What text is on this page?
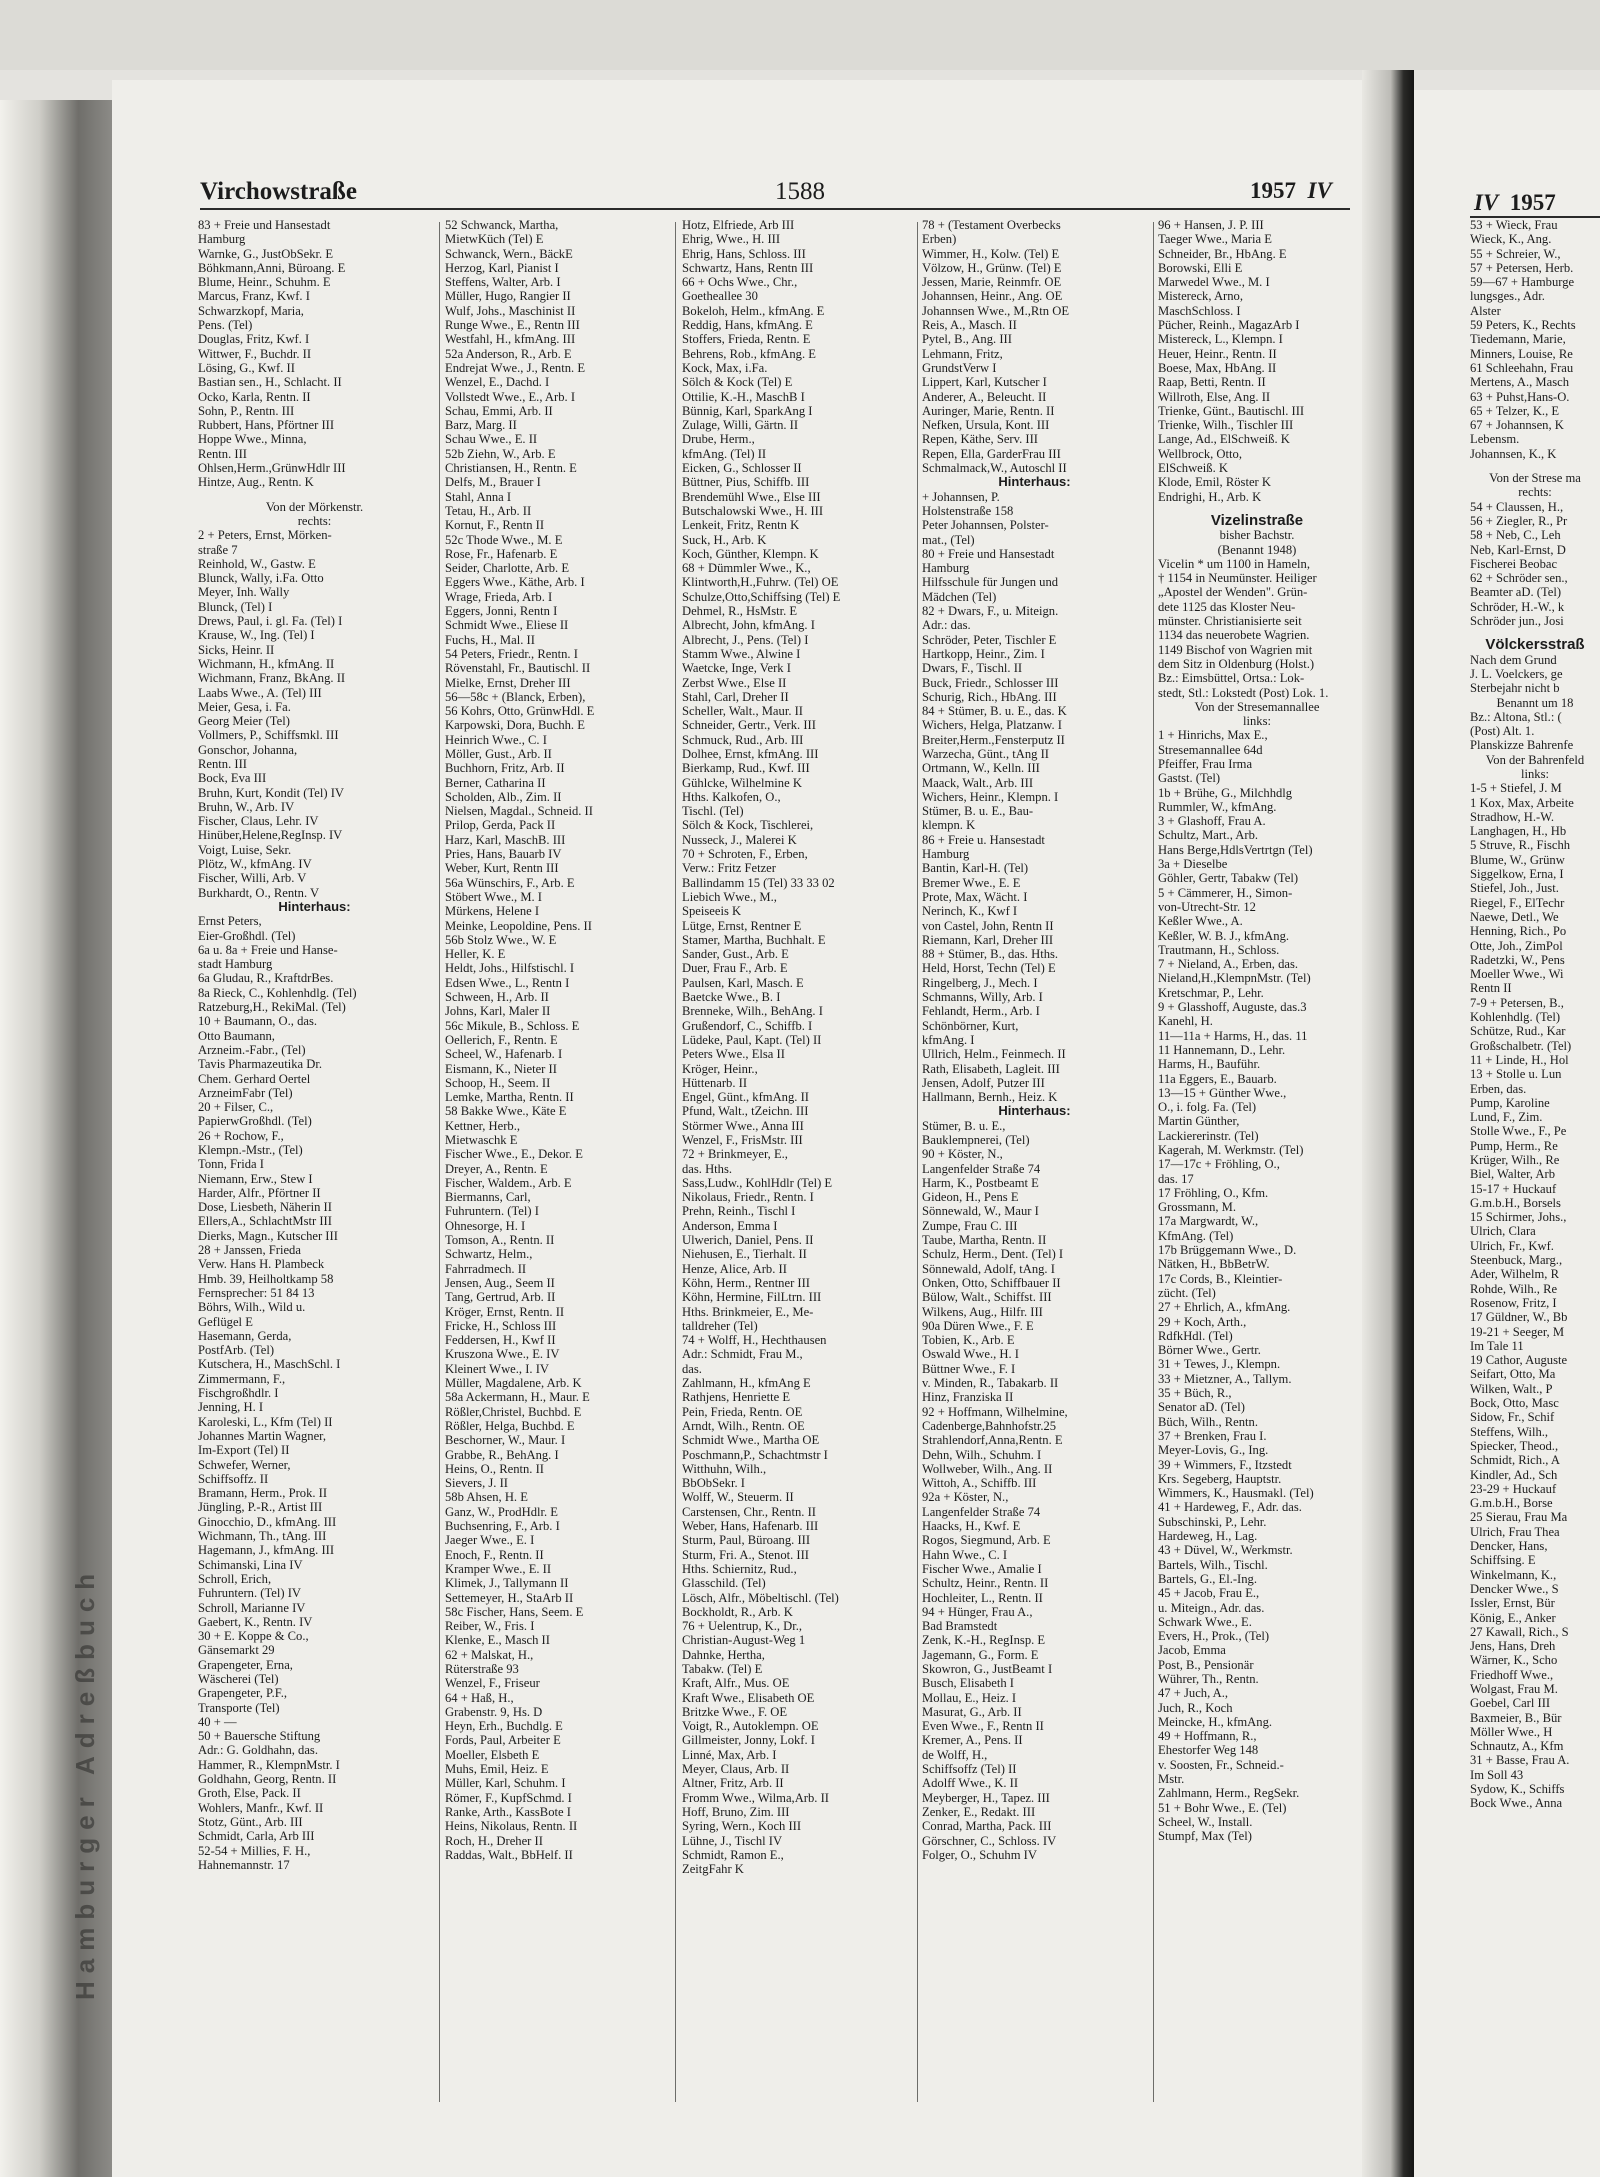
Hamburger Adreßbuch
Virchowstraße	1588	1957 IV	IV 1957
83 + Freie und Hansestadt
Hamburg
Warnke, G., JustObSekr. E
Böhkmann,Anni, Büroang. E
Blume, Heinr., Schuhm. E
Marcus, Franz, Kwf. I
Schwarzkopf, Maria,
Pens. (Tel)
Douglas, Fritz, Kwf. I
Wittwer, F., Buchdr. II
Lösing, G., Kwf. II
Bastian sen., H., Schlacht. II
Ocko, Karla, Rentn. II
Sohn, P., Rentn. III
Rubbert, Hans, Pförtner III
Hoppe Wwe., Minna,
Rentn. III
Ohlsen,Herm.,GrünwHdlr III
Hintze, Aug., Rentn. K
Von der Mörkenstr.
rechts:
2 + Peters, Ernst, Mörken-
straße 7
Reinhold, W., Gastw. E
Blunck, Wally, i.Fa. Otto
Meyer, Inh. Wally
Blunck, (Tel) I
Drews, Paul, i. gl. Fa. (Tel) I
Krause, W., Ing. (Tel) I
Sicks, Heinr. II
Wichmann, H., kfmAng. II
Wichmann, Franz, BkAng. II
Laabs Wwe., A. (Tel) III
Meier, Gesa, i. Fa.
Georg Meier (Tel)
Vollmers, P., Schiffsmkl. III
Gonschor, Johanna,
Rentn. III
Bock, Eva III
Bruhn, Kurt, Kondit (Tel) IV
Bruhn, W., Arb. IV
Fischer, Claus, Lehr. IV
Hinüber,Helene,RegInsp. IV
Voigt, Luise, Sekr.
Plötz, W., kfmAng. IV
Fischer, Willi, Arb. V
Burkhardt, O., Rentn. V
Hinterhaus:
Ernst Peters,
Eier-Großhdl. (Tel)
6a u. 8a + Freie und Hanse-
stadt Hamburg
6a Gludau, R., KraftdrBes.
8a Rieck, C., Kohlenhdlg. (Tel)
Ratzeburg,H., RekiMal. (Tel)
10 + Baumann, O., das.
Otto Baumann,
Arzneim.-Fabr., (Tel)
Tavis Pharmazeutika Dr.
Chem. Gerhard Oertel
ArzneimFabr (Tel)
20 + Filser, C.,
PapierwGroßhdl. (Tel)
26 + Rochow, F.,
Klempn.-Mstr., (Tel)
Tonn, Frida I
Niemann, Erw., Stew I
Harder, Alfr., Pförtner II
Dose, Liesbeth, Näherin II
Ellers,A., SchlachtMstr III
Dierks, Magn., Kutscher III
28 + Janssen, Frieda
Verw. Hans H. Plambeck
Hmb. 39, Heilholtkamp 58
Fernsprecher: 51 84 13
Böhrs, Wilh., Wild u.
Geflügel E
Hasemann, Gerda,
PostfArb. (Tel)
Kutschera, H., MaschSchl. I
Zimmermann, F.,
Fischgroßhdlr. I
Jenning, H. I
Karoleski, L., Kfm (Tel) II
Johannes Martin Wagner,
Im-Export (Tel) II
Schwefer, Werner,
Schiffsoffz. II
Bramann, Herm., Prok. II
Jüngling, P.-R., Artist III
Ginocchio, D., kfmAng. III
Wichmann, Th., tAng. III
Hagemann, J., kfmAng. III
Schimanski, Lina IV
Schroll, Erich,
Fuhruntern. (Tel) IV
Schroll, Marianne IV
Gaebert, K., Rentn. IV
30 + E. Koppe & Co.,
Gänsemarkt 29
Grapengeter, Erna,
Wäscherei (Tel)
Grapengeter, P.F.,
Transporte (Tel)
40 + —
50 + Bauersche Stiftung
Adr.: G. Goldhahn, das.
Hammer, R., KlempnMstr. I
Goldhahn, Georg, Rentn. II
Groth, Else, Pack. II
Wohlers, Manfr., Kwf. II
Stotz, Günt., Arb. III
Schmidt, Carla, Arb III
52-54 + Millies, F. H.,
Hahnemannstr. 17
52 Schwanck, Martha,
MietwKüch (Tel) E
Schwanck, Wern., BäckE
Herzog, Karl, Pianist I
Steffens, Walter, Arb. I
Müller, Hugo, Rangier II
Wulf, Johs., Maschinist II
Runge Wwe., E., Rentn III
Westfahl, H., kfmAng. III
52a Anderson, R., Arb. E
Endrejat Wwe., J., Rentn. E
Wenzel, E., Dachd. I
Vollstedt Wwe., E., Arb. I
Schau, Emmi, Arb. II
Barz, Marg. II
Schau Wwe., E. II
52b Ziehn, W., Arb. E
Christiansen, H., Rentn. E
Delfs, M., Brauer I
Stahl, Anna I
Tetau, H., Arb. II
Kornut, F., Rentn II
52c Thode Wwe., M. E
Rose, Fr., Hafenarb. E
Seider, Charlotte, Arb. E
Eggers Wwe., Käthe, Arb. I
Wrage, Frieda, Arb. I
Eggers, Jonni, Rentn I
Schmidt Wwe., Eliese II
Fuchs, H., Mal. II
54 Peters, Friedr., Rentn. I
Rövenstahl, Fr., Bautischl. II
Mielke, Ernst, Dreher III
56—58c + (Blanck, Erben),
56 Kohrs, Otto, GrünwHdl. E
Karpowski, Dora, Buchh. E
Heinrich Wwe., C. I
Möller, Gust., Arb. II
Buchhorn, Fritz, Arb. II
Berner, Catharina II
Scholden, Alb., Zim. II
Nielsen, Magdal., Schneid. II
Prilop, Gerda, Pack II
Harz, Karl, MaschB. III
Pries, Hans, Bauarb IV
Weber, Kurt, Rentn III
56a Wünschirs, F., Arb. E
Stöbert Wwe., M. I
Mürkens, Helene I
Meinke, Leopoldine, Pens. II
56b Stolz Wwe., W. E
Heller, K. E
Heldt, Johs., Hilfstischl. I
Edsen Wwe., L., Rentn I
Schween, H., Arb. II
Johns, Karl, Maler II
56c Mikule, B., Schloss. E
Oellerich, F., Rentn. E
Scheel, W., Hafenarb. I
Eismann, K., Nieter II
Schoop, H., Seem. II
Lemke, Martha, Rentn. II
58 Bakke Wwe., Käte E
Kettner, Herb.,
Mietwaschk E
Fischer Wwe., E., Dekor. E
Dreyer, A., Rentn. E
Fischer, Waldem., Arb. E
Biermanns, Carl,
Fuhruntern. (Tel) I
Ohnesorge, H. I
Tomson, A., Rentn. II
Schwartz, Helm.,
Fahrradmech. II
Jensen, Aug., Seem II
Tang, Gertrud, Arb. II
Kröger, Ernst, Rentn. II
Fricke, H., Schloss III
Feddersen, H., Kwf II
Kruszona Wwe., E. IV
Kleinert Wwe., I. IV
Müller, Magdalene, Arb. K
58a Ackermann, H., Maur. E
Rößler,Christel, Buchbd. E
Rößler, Helga, Buchbd. E
Beschorner, W., Maur. I
Grabbe, R., BehAng. I
Heins, O., Rentn. II
Sievers, J. II
58b Ahsen, H. E
Ganz, W., ProdHdlr. E
Buchsenring, F., Arb. I
Jaeger Wwe., E. I
Enoch, F., Rentn. II
Kramper Wwe., E. II
Klimek, J., Tallymann II
Settemeyer, H., StaArb II
58c Fischer, Hans, Seem. E
Reiber, W., Fris. I
Klenke, E., Masch II
62 + Malskat, H.,
Rüterstraße 93
Wenzel, F., Friseur
64 + Haß, H.,
Grabenstr. 9, Hs. D
Heyn, Erh., Buchdlg. E
Fords, Paul, Arbeiter E
Moeller, Elsbeth E
Muhs, Emil, Heiz. E
Müller, Karl, Schuhm. I
Römer, F., KupfSchmd. I
Ranke, Arth., KassBote I
Heins, Nikolaus, Rentn. II
Roch, H., Dreher II
Raddas, Walt., BbHelf. II
Hotz, Elfriede, Arb III
Ehrig, Wwe., H. III
Ehrig, Hans, Schloss. III
Schwartz, Hans, Rentn III
66 + Ochs Wwe., Chr.,
Goetheallee 30
Bokeloh, Helm., kfmAng. E
Reddig, Hans, kfmAng. E
Stoffers, Frieda, Rentn. E
Behrens, Rob., kfmAng. E
Kock, Max, i.Fa.
Sölch & Kock (Tel) E
Ottilie, K.-H., MaschB I
Bünnig, Karl, SparkAng I
Zulage, Willi, Gärtn. II
Drube, Herm.,
kfmAng. (Tel) II
Eicken, G., Schlosser II
Büttner, Pius, Schiffb. III
Brendemühl Wwe., Else III
Butschalowski Wwe., H. III
Lenkeit, Fritz, Rentn K
Suck, H., Arb. K
Koch, Günther, Klempn. K
68 + Dümmler Wwe., K.,
Klintworth,H.,Fuhrw. (Tel) OE
Schulze,Otto,Schiffsing (Tel) E
Dehmel, R., HsMstr. E
Albrecht, John, kfmAng. I
Albrecht, J., Pens. (Tel) I
Stamm Wwe., Alwine I
Waetcke, Inge, Verk I
Zerbst Wwe., Else II
Stahl, Carl, Dreher II
Scheller, Walt., Maur. II
Schneider, Gertr., Verk. III
Schmuck, Rud., Arb. III
Dolhee, Ernst, kfmAng. III
Bierkamp, Rud., Kwf. III
Gühlcke, Wilhelmine K
Hths. Kalkofen, O.,
Tischl. (Tel)
Sölch & Kock, Tischlerei,
Nusseck, J., Malerei K
70 + Schroten, F., Erben,
Verw.: Fritz Fetzer
Ballindamm 15 (Tel) 33 33 02
Liebich Wwe., M.,
Speiseeis K
Lütge, Ernst, Rentner E
Stamer, Martha, Buchhalt. E
Sander, Gust., Arb. E
Duer, Frau F., Arb. E
Paulsen, Karl, Masch. E
Baetcke Wwe., B. I
Brenneke, Wilh., BehAng. I
Grußendorf, C., Schiffb. I
Lüdeke, Paul, Kapt. (Tel) II
Peters Wwe., Elsa II
Kröger, Heinr.,
Hüttenarb. II
Engel, Günt., kfmAng. II
Pfund, Walt., tZeichn. III
Störmer Wwe., Anna III
Wenzel, F., FrisMstr. III
72 + Brinkmeyer, E.,
das. Hths.
Sass,Ludw., KohlHdlr (Tel) E
Nikolaus, Friedr., Rentn. I
Prehn, Reinh., Tischl I
Anderson, Emma I
Ulwerich, Daniel, Pens. II
Niehusen, E., Tierhalt. II
Henze, Alice, Arb. II
Köhn, Herm., Rentner III
Köhn, Hermine, FilLtrn. III
Hths. Brinkmeier, E., Me-
talldreher (Tel)
74 + Wolff, H., Hechthausen
Adr.: Schmidt, Frau M.,
das.
Zahlmann, H., kfmAng E
Rathjens, Henriette E
Pein, Frieda, Rentn. OE
Arndt, Wilh., Rentn. OE
Schmidt Wwe., Martha OE
Poschmann,P., Schachtmstr I
Witthuhn, Wilh.,
BbObSekr. I
Wolff, W., Steuerm. II
Carstensen, Chr., Rentn. II
Weber, Hans, Hafenarb. III
Sturm, Paul, Büroang. III
Sturm, Fri. A., Stenot. III
Hths. Schiernitz, Rud.,
Glasschild. (Tel)
Lösch, Alfr., Möbeltischl. (Tel)
Bockholdt, R., Arb. K
76 + Uelentrup, K., Dr.,
Christian-August-Weg 1
Dahnke, Hertha,
Tabakw. (Tel) E
Kraft, Alfr., Mus. OE
Kraft Wwe., Elisabeth OE
Britzke Wwe., F. OE
Voigt, R., Autoklempn. OE
Gillmeister, Jonny, Lokf. I
Linné, Max, Arb. I
Meyer, Claus, Arb. II
Altner, Fritz, Arb. II
Fromm Wwe., Wilma,Arb. II
Hoff, Bruno, Zim. III
Syring, Wern., Koch III
Lühne, J., Tischl IV
Schmidt, Ramon E.,
ZeitgFahr K
78 + (Testament Overbecks
Erben)
Wimmer, H., Kolw. (Tel) E
Völzow, H., Grünw. (Tel) E
Jessen, Marie, Reinmfr. OE
Johannsen, Heinr., Ang. OE
Johannsen Wwe., M.,Rtn OE
Reis, A., Masch. II
Pytel, B., Ang. III
Lehmann, Fritz,
GrundstVerw I
Lippert, Karl, Kutscher I
Anderer, A., Beleucht. II
Auringer, Marie, Rentn. II
Nefken, Ursula, Kont. III
Repen, Käthe, Serv. III
Repen, Ella, GarderFrau III
Schmalmack,W., Autoschl II
Hinterhaus:
+ Johannsen, P.
Holstenstraße 158
Peter Johannsen, Polster-
mat., (Tel)
80 + Freie und Hansestadt
Hamburg
Hilfsschule für Jungen und
Mädchen (Tel)
82 + Dwars, F., u. Miteign.
Adr.: das.
Schröder, Peter, Tischler E
Hartkopp, Heinr., Zim. I
Dwars, F., Tischl. II
Buck, Friedr., Schlosser III
Schurig, Rich., HbAng. III
84 + Stümer, B. u. E., das. K
Wichers, Helga, Platzanw. I
Breiter,Herm.,Fensterputz II
Warzecha, Günt., tAng II
Ortmann, W., Kelln. III
Maack, Walt., Arb. III
Wichers, Heinr., Klempn. I
Stümer, B. u. E., Bau-
klempn. K
86 + Freie u. Hansestadt
Hamburg
Bantin, Karl-H. (Tel)
Bremer Wwe., E. E
Prote, Max, Wächt. I
Nerinch, K., Kwf I
von Castel, John, Rentn II
Riemann, Karl, Dreher III
88 + Stümer, B., das. Hths.
Held, Horst, Techn (Tel) E
Ringelberg, J., Mech. I
Schmanns, Willy, Arb. I
Fehlandt, Herm., Arb. I
Schönbörner, Kurt,
kfmAng. I
Ullrich, Helm., Feinmech. II
Rath, Elisabeth, Lagleit. III
Jensen, Adolf, Putzer III
Hallmann, Bernh., Heiz. K
Hinterhaus:
Stümer, B. u. E.,
Bauklempnerei, (Tel)
90 + Köster, N.,
Langenfelder Straße 74
Harm, K., Postbeamt E
Gideon, H., Pens E
Sönnewald, W., Maur I
Zumpe, Frau C. III
Taube, Martha, Rentn. II
Schulz, Herm., Dent. (Tel) I
Sönnewald, Adolf, tAng. I
Onken, Otto, Schiffbauer II
Bülow, Walt., Schiffst. III
Wilkens, Aug., Hilfr. III
90a Düren Wwe., F. E
Tobien, K., Arb. E
Oswald Wwe., H. I
Büttner Wwe., F. I
v. Minden, R., Tabakarb. II
Hinz, Franziska II
92 + Hoffmann, Wilhelmine,
Cadenberge,Bahnhofstr.25
Strahlendorf,Anna,Rentn. E
Dehn, Wilh., Schuhm. I
Wollweber, Wilh., Ang. II
Wittoh, A., Schiffb. III
92a + Köster, N.,
Langenfelder Straße 74
Haacks, H., Kwf. E
Rogos, Siegmund, Arb. E
Hahn Wwe., C. I
Fischer Wwe., Amalie I
Schultz, Heinr., Rentn. II
Hochleiter, L., Rentn. II
94 + Hünger, Frau A.,
Bad Bramstedt
Zenk, K.-H., RegInsp. E
Jagemann, G., Form. E
Skowron, G., JustBeamt I
Busch, Elisabeth I
Mollau, E., Heiz. I
Masurat, G., Arb. II
Even Wwe., F., Rentn II
Kremer, A., Pens. II
de Wolff, H.,
Schiffsoffz (Tel) II
Adolff Wwe., K. II
Meyberger, H., Tapez. III
Zenker, E., Redakt. III
Conrad, Martha, Pack. III
Görschner, C., Schloss. IV
Folger, O., Schuhm IV
96 + Hansen, J. P. III
Taeger Wwe., Maria E
Schneider, Br., HbAng. E
Borowski, Elli E
Marwedel Wwe., M. I
Mistereck, Arno,
MaschSchloss. I
Pücher, Reinh., MagazArb I
Mistereck, L., Klempn. I
Heuer, Heinr., Rentn. II
Boese, Max, HbAng. II
Raap, Betti, Rentn. II
Willroth, Else, Ang. II
Trienke, Günt., Bautischl. III
Trienke, Wilh., Tischler III
Lange, Ad., ElSchweiß. K
Wellbrock, Otto,
ElSchweiß. K
Klode, Emil, Röster K
Endrighi, H., Arb. K
Vizelinstraße
bisher Bachstr.
(Benannt 1948)
Vicelin * um 1100 in Hameln,
† 1154 in Neumünster. Heiliger
„Apostel der Wenden". Grün-
dete 1125 das Kloster Neu-
münster. Christianisierte seit
1134 das neuerobete Wagrien.
1149 Bischof von Wagrien mit
dem Sitz in Oldenburg (Holst.)
Bz.: Eimsbüttel, Ortsa.: Lok-
stedt, Stl.: Lokstedt (Post) Lok. 1.
Von der Stresemannallee
links:
1 + Hinrichs, Max E.,
Stresemannallee 64d
Pfeiffer, Frau Irma
Gastst. (Tel)
1b + Brühe, G., Milchhdlg
Rummler, W., kfmAng.
3 + Glashoff, Frau A.
Schultz, Mart., Arb.
Hans Berge,HdlsVertrtgn (Tel)
3a + Dieselbe
Göhler, Gertr, Tabakw (Tel)
5 + Cämmerer, H., Simon-
von-Utrecht-Str. 12
Keßler Wwe., A.
Keßler, W. B. J., kfmAng.
Trautmann, H., Schloss.
7 + Nieland, A., Erben, das.
Nieland,H.,KlempnMstr. (Tel)
Kretschmar, P., Lehr.
9 + Glasshoff, Auguste, das.3
Kanehl, H.
11—11a + Harms, H., das. 11
11 Hannemann, D., Lehr.
Harms, H., Bauführ.
11a Eggers, E., Bauarb.
13—15 + Günther Wwe.,
O., i. folg. Fa. (Tel)
Martin Günther,
Lackiererinstr. (Tel)
Kagerah, M. Werkmstr. (Tel)
17—17c + Fröhling, O.,
das. 17
17 Fröhling, O., Kfm.
Grossmann, M.
17a Margwardt, W.,
KfmAng. (Tel)
17b Brüggemann Wwe., D.
Nätken, H., BbBetrW.
17c Cords, B., Kleintier-
zücht. (Tel)
27 + Ehrlich, A., kfmAng.
29 + Koch, Arth.,
RdfkHdl. (Tel)
Börner Wwe., Gertr.
31 + Tewes, J., Klempn.
33 + Mietzner, A., Tallym.
35 + Büch, R.,
Senator aD. (Tel)
Büch, Wilh., Rentn.
37 + Brenken, Frau I.
Meyer-Lovis, G., Ing.
39 + Wimmers, F., Itzstedt
Krs. Segeberg, Hauptstr.
Wimmers, K., Hausmakl. (Tel)
41 + Hardeweg, F., Adr. das.
Subschinski, P., Lehr.
Hardeweg, H., Lag.
43 + Düvel, W., Werkmstr.
Bartels, Wilh., Tischl.
Bartels, G., El.-Ing.
45 + Jacob, Frau E.,
u. Miteign., Adr. das.
Schwark Wwe., E.
Evers, H., Prok., (Tel)
Jacob, Emma
Post, B., Pensionär
Wührer, Th., Rentn.
47 + Juch, A.,
Juch, R., Koch
Meincke, H., kfmAng.
49 + Hoffmann, R.,
Ehestorfer Weg 148
v. Soosten, Fr., Schneid.-
Mstr.
Zahlmann, Herm., RegSekr.
51 + Bohr Wwe., E. (Tel)
Scheel, W., Install.
Stumpf, Max (Tel)
53 + Wieck, Frau
Wieck, K., Ang.
55 + Schreier, W.,
57 + Petersen, Herb.
59—67 + Hamburge
lungsges., Adr.
Alster
59 Peters, K., Rechts
Tiedemann, Marie,
Minners, Louise, Re
61 Schleehahn, Frau
Mertens, A., Masch
63 + Puhst,Hans-O.
65 + Telzer, K., E
67 + Johannsen, K
Lebensm.
Johannsen, K., K
Von der Strese ma
rechts:
54 + Claussen, H.,
56 + Ziegler, R., Pr
58 + Neb, C., Leh
Neb, Karl-Ernst, D
Fischerei Beobac
62 + Schröder sen.,
Beamter aD. (Tel)
Schröder, H.-W., k
Schröder jun., Josi
Völckersstraß
Nach dem Grund
J. L. Voelckers, ge
Sterbejahr nicht b
Benannt um 18
Bz.: Altona, Stl.: (
(Post) Alt. 1.
Planskizze Bahrenfe
Von der Bahrenfeld
links:
1-5 + Stiefel, J. M
1 Kox, Max, Arbeite
Stradhow, H.-W.
Langhagen, H., Hb
5 Struve, R., Fischh
Blume, W., Grünw
Siggelkow, Erna, I
Stiefel, Joh., Just.
Riegel, F., ElTechr
Naewe, Detl., We
Henning, Rich., Po
Otte, Joh., ZimPol
Radetzki, W., Pens
Moeller Wwe., Wi
Rentn II
7-9 + Petersen, B.,
Kohlenhdlg. (Tel)
Schütze, Rud., Kar
Großschalbetr. (Tel)
11 + Linde, H., Hol
13 + Stolle u. Lun
Erben, das.
Pump, Karoline
Lund, F., Zim.
Stolle Wwe., F., Pe
Pump, Herm., Re
Krüger, Wilh., Re
Biel, Walter, Arb
15-17 + Huckauf
G.m.b.H., Borsels
15 Schirmer, Johs.,
Ulrich, Clara
Ulrich, Fr., Kwf.
Steenbuck, Marg.,
Ader, Wilhelm, R
Rohde, Wilh., Re
Rosenow, Fritz, I
17 Güldner, W., Bb
19-21 + Seeger, M
Im Tale 11
19 Cathor, Auguste
Seifart, Otto, Ma
Wilken, Walt., P
Bock, Otto, Masc
Sidow, Fr., Schif
Steffens, Wilh.,
Spiecker, Theod.,
Schmidt, Rich., A
Kindler, Ad., Sch
23-29 + Huckauf
G.m.b.H., Borse
25 Sierau, Frau Ma
Ulrich, Frau Thea
Dencker, Hans,
Schiffsing. E
Winkelmann, K.,
Dencker Wwe., S
Issler, Ernst, Bür
König, E., Anker
27 Kawall, Rich., S
Jens, Hans, Dreh
Wärner, K., Scho
Friedhoff Wwe.,
Wolgast, Frau M.
Goebel, Carl III
Baxmeier, B., Bür
Möller Wwe., H
Schnautz, A., Kfm
31 + Basse, Frau A.
Im Soll 43
Sydow, K., Schiffs
Bock Wwe., Anna
